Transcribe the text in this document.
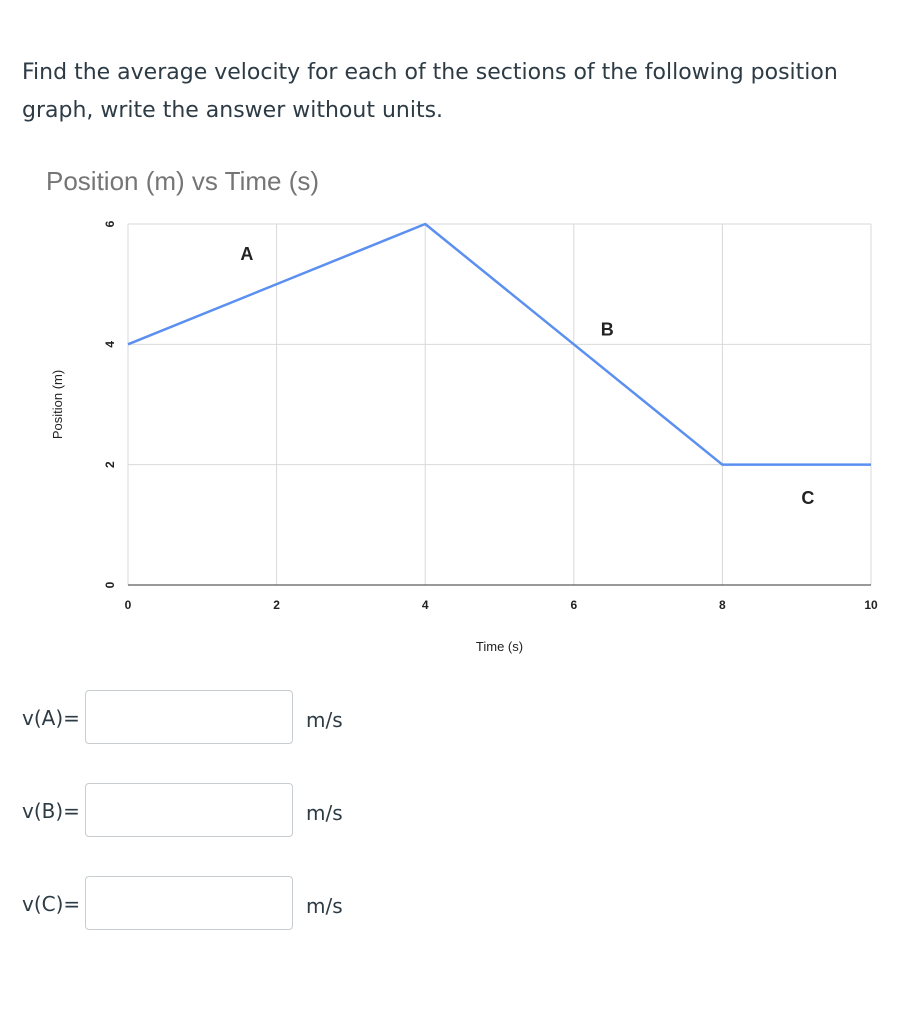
Find the average velocity for each of the sections of the following position graph, write the answer without units.

Position (m) vs Time (s)
0	2	4	6	8	10
0
2
4
6
Time (s)
Position (m)
A
B
C
v(A)=	m/s
v(B)=	m/s
v(C)=	m/s
